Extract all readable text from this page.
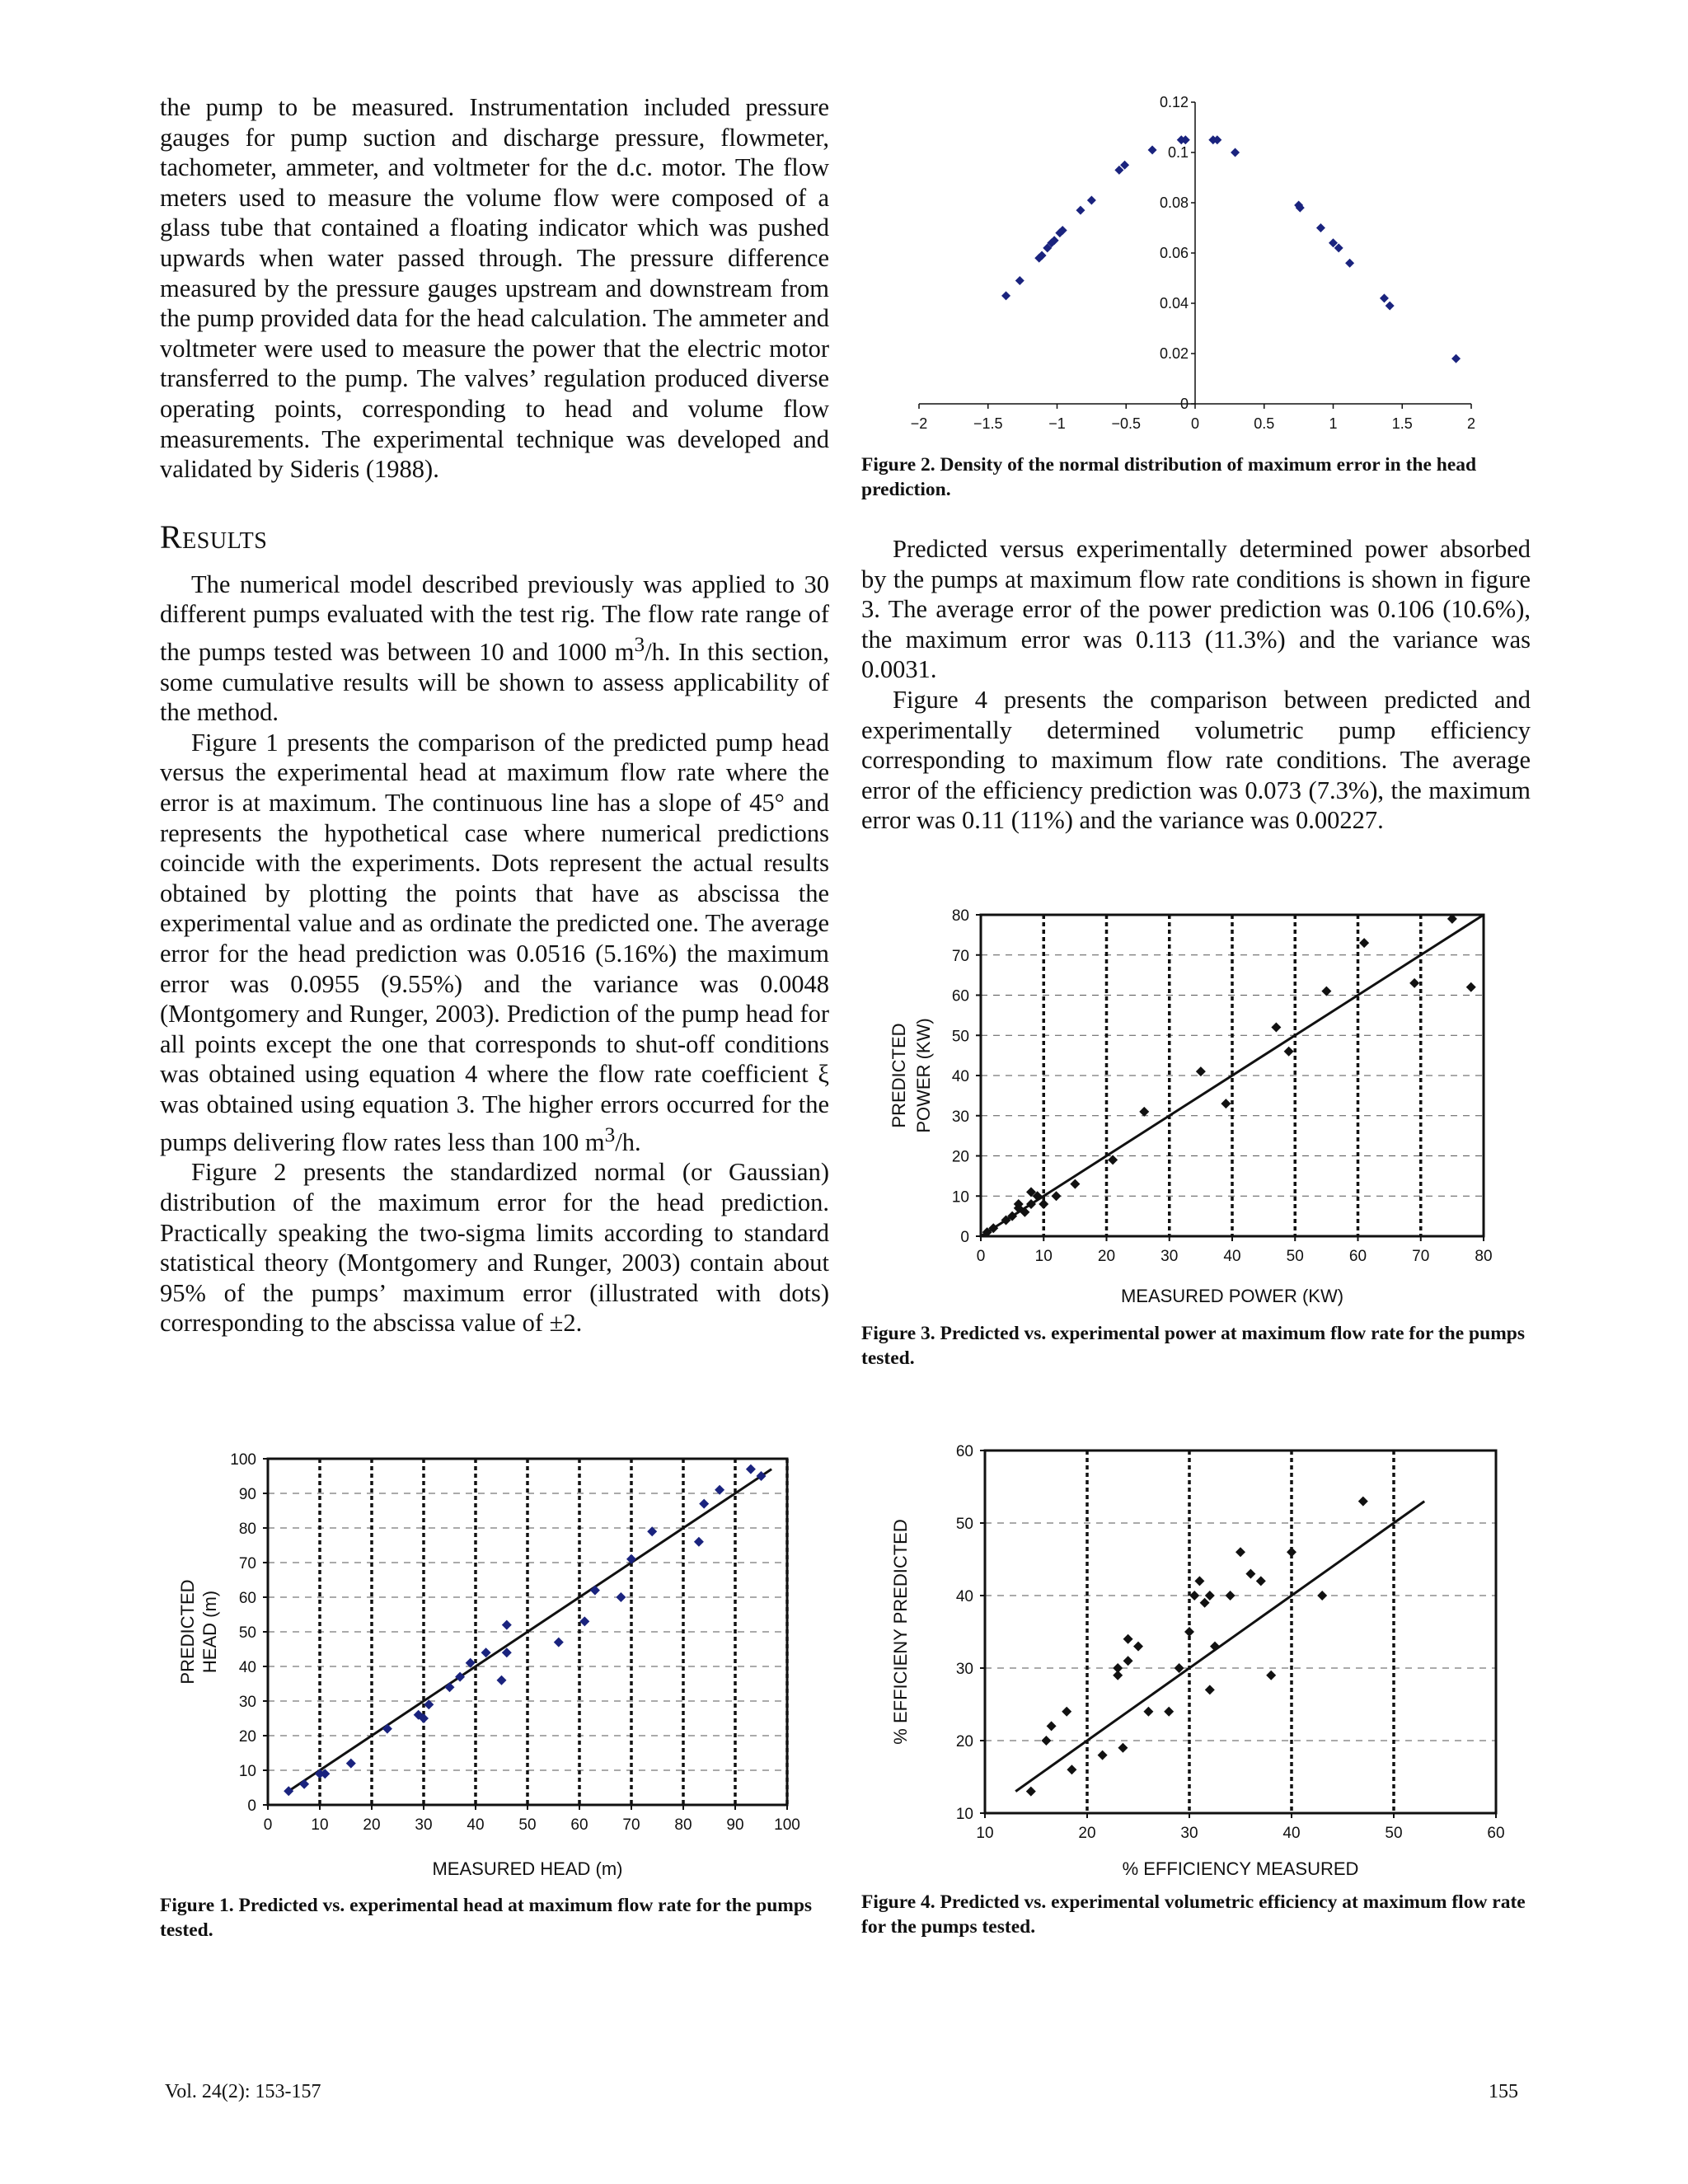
the pump to be measured. Instrumentation included pressure gauges for pump suction and discharge pressure, flowmeter, tachometer, ammeter, and voltmeter for the d.c. motor. The flow meters used to measure the volume flow were composed of a glass tube that contained a floating indicator which was pushed upwards when water passed through. The pressure difference measured by the pressure gauges upstream and downstream from the pump provided data for the head calculation. The ammeter and voltmeter were used to measure the power that the electric motor transferred to the pump. The valves’ regulation produced diverse operating points, corresponding to head and volume flow measurements. The experimental technique was developed and validated by Sideris (1988).

Results

The numerical model described previously was applied to 30 different pumps evaluated with the test rig. The flow rate range of the pumps tested was between 10 and 1000 $m^3/h$. In this section, some cumulative results will be shown to assess applicability of the method.

Figure 1 presents the comparison of the predicted pump head versus the experimental head at maximum flow rate where the error is at maximum. The continuous line has a slope of 45° and represents the hypothetical case where numerical predictions coincide with the experiments. Dots represent the actual results obtained by plotting the points that have as abscissa the experimental value and as ordinate the predicted one. The average error for the head prediction was 0.0516 (5.16%) the maximum error was 0.0955 (9.55%) and the variance was 0.0048 (Montgomery and Runger, 2003). Prediction of the pump head for all points except the one that corresponds to shut-off conditions was obtained using equation 4 where the flow rate coefficient ξ was obtained using equation 3. The higher errors occurred for the pumps delivering flow rates less than 100 $m^3/h$.

Figure 2 presents the standardized normal (or Gaussian) distribution of the maximum error for the head prediction. Practically speaking the two-sigma limits according to standard statistical theory (Montgomery and Runger, 2003) contain about 95% of the pumps’ maximum error (illustrated with dots) corresponding to the abscissa value of ±2.

Predicted versus experimentally determined power absorbed by the pumps at maximum flow rate conditions is shown in figure 3. The average error of the power prediction was 0.106 (10.6%), the maximum error was 0.113 (11.3%) and the variance was 0.0031.

Figure 4 presents the comparison between predicted and experimentally determined volumetric pump efficiency corresponding to maximum flow rate conditions. The average error of the efficiency prediction was 0.073 (7.3%), the maximum error was 0.11 (11%) and the variance was 0.00227.

−2	−1.5	−1	−0.5	0	0.5	1	1.5	2
0
0.02
0.04
0.06
0.08
0.1
0.12
Figure 2. Density of the normal distribution of maximum error in the head prediction.
0	10	20	30	40	50	60	70	80
0
10
20
30
40
50
60
70
80
MEASURED POWER (KW)
PREDICTED POWER (KW)
Figure 3. Predicted vs. experimental power at maximum flow rate for the pumps tested.
0 10 20 30 40 50 60 70 80 90 100
0
10
20
30
40
50
60
70
80
90
100
MEASURED HEAD (m)
PREDICTED HEAD (m)
Figure 1. Predicted vs. experimental head at maximum flow rate for the pumps tested.
10	20	30	40	50	60
10
20
30
40
50
60
% EFFICIENCY MEASURED
% EFFICIENY PREDICTED
Figure 4. Predicted vs. experimental volumetric efficiency at maximum flow rate for the pumps tested.
Vol. 24(2): 153-157	155
